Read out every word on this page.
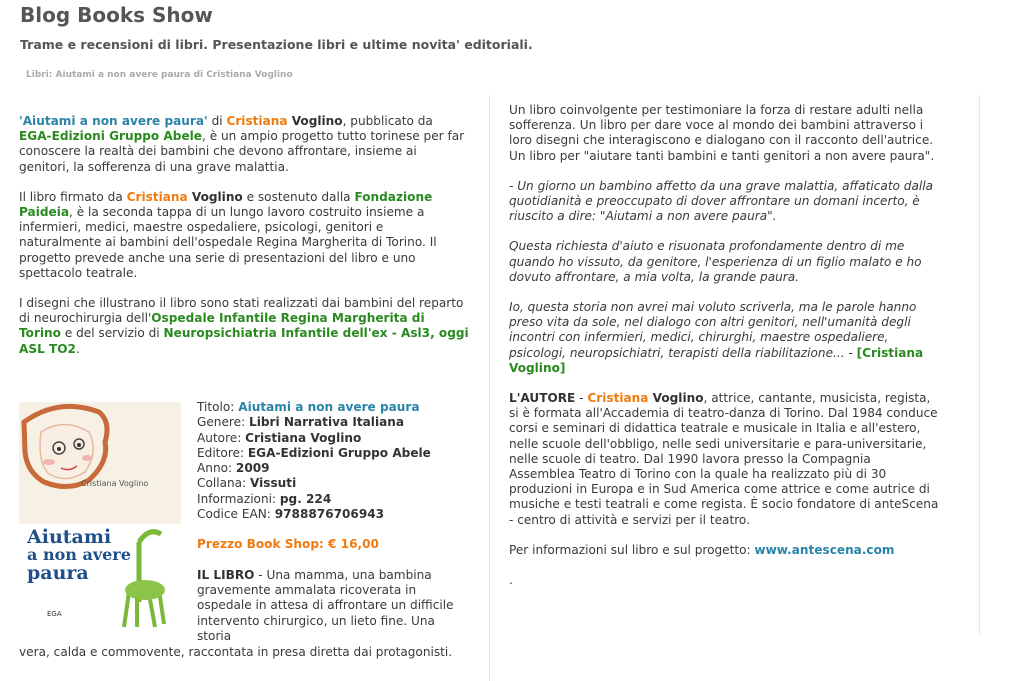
Blog Books Show
Trame e recensioni di libri. Presentazione libri e ultime novita' editoriali.
Libri: Aiutami a non avere paura di Cristiana Voglino

'Aiutami a non avere paura' di Cristiana Voglino, pubblicato da EGA-Edizioni Gruppo Abele, è un ampio progetto tutto torinese per far conoscere la realtà dei bambini che devono affrontare, insieme ai genitori, la sofferenza di una grave malattia.

Il libro firmato da Cristiana Voglino e sostenuto dalla Fondazione Paideia, è la seconda tappa di un lungo lavoro costruito insieme a infermieri, medici, maestre ospedaliere, psicologi, genitori e naturalmente ai bambini dell'ospedale Regina Margherita di Torino. Il progetto prevede anche una serie di presentazioni del libro e uno spettacolo teatrale.

I disegni che illustrano il libro sono stati realizzati dai bambini del reparto di neurochirurgia dell'Ospedale Infantile Regina Margherita di Torino e del servizio di Neuropsichiatria Infantile dell'ex - Asl3, oggi ASL TO2.

Cristiana Voglino
Aiutami
a non avere
paura
EGA
Titolo: Aiutami a non avere paura
Genere: Libri Narrativa Italiana
Autore: Cristiana Voglino
Editore: EGA-Edizioni Gruppo Abele
Anno: 2009
Collana: Vissuti
Informazioni: pg. 224
Codice EAN: 9788876706943
Prezzo Book Shop: € 16,00
IL LIBRO - Una mamma, una bambina gravemente ammalata ricoverata in ospedale in attesa di affrontare un difficile intervento chirurgico, un lieto fine. Una storia
vera, calda e commovente, raccontata in presa diretta dai protagonisti.

Un libro coinvolgente per testimoniare la forza di restare adulti nella sofferenza. Un libro per dare voce al mondo dei bambini attraverso i loro disegni che interagiscono e dialogano con il racconto dell'autrice. Un libro per "aiutare tanti bambini e tanti genitori a non avere paura".

- Un giorno un bambino affetto da una grave malattia, affaticato dalla quotidianità e preoccupato di dover affrontare un domani incerto, è riuscito a dire: "Aiutami a non avere paura".

Questa richiesta d'aiuto e risuonata profondamente dentro di me quando ho vissuto, da genitore, l'esperienza di un figlio malato e ho dovuto affrontare, a mia volta, la grande paura.

Io, questa storia non avrei mai voluto scriverla, ma le parole hanno preso vita da sole, nel dialogo con altri genitori, nell'umanità degli incontri con infermieri, medici, chirurghi, maestre ospedaliere, psicologi, neuropsichiatri, terapisti della riabilitazione... - [Cristiana Voglino]

L'AUTORE - Cristiana Voglino, attrice, cantante, musicista, regista, si è formata all'Accademia di teatro-danza di Torino. Dal 1984 conduce corsi e seminari di didattica teatrale e musicale in Italia e all'estero, nelle scuole dell'obbligo, nelle sedi universitarie e para-universitarie, nelle scuole di teatro. Dal 1990 lavora presso la Compagnia Assemblea Teatro di Torino con la quale ha realizzato più di 30 produzioni in Europa e in Sud America come attrice e come autrice di musiche e testi teatrali e come regista. È socio fondatore di anteScena - centro di attività e servizi per il teatro.

Per informazioni sul libro e sul progetto: www.antescena.com

.
